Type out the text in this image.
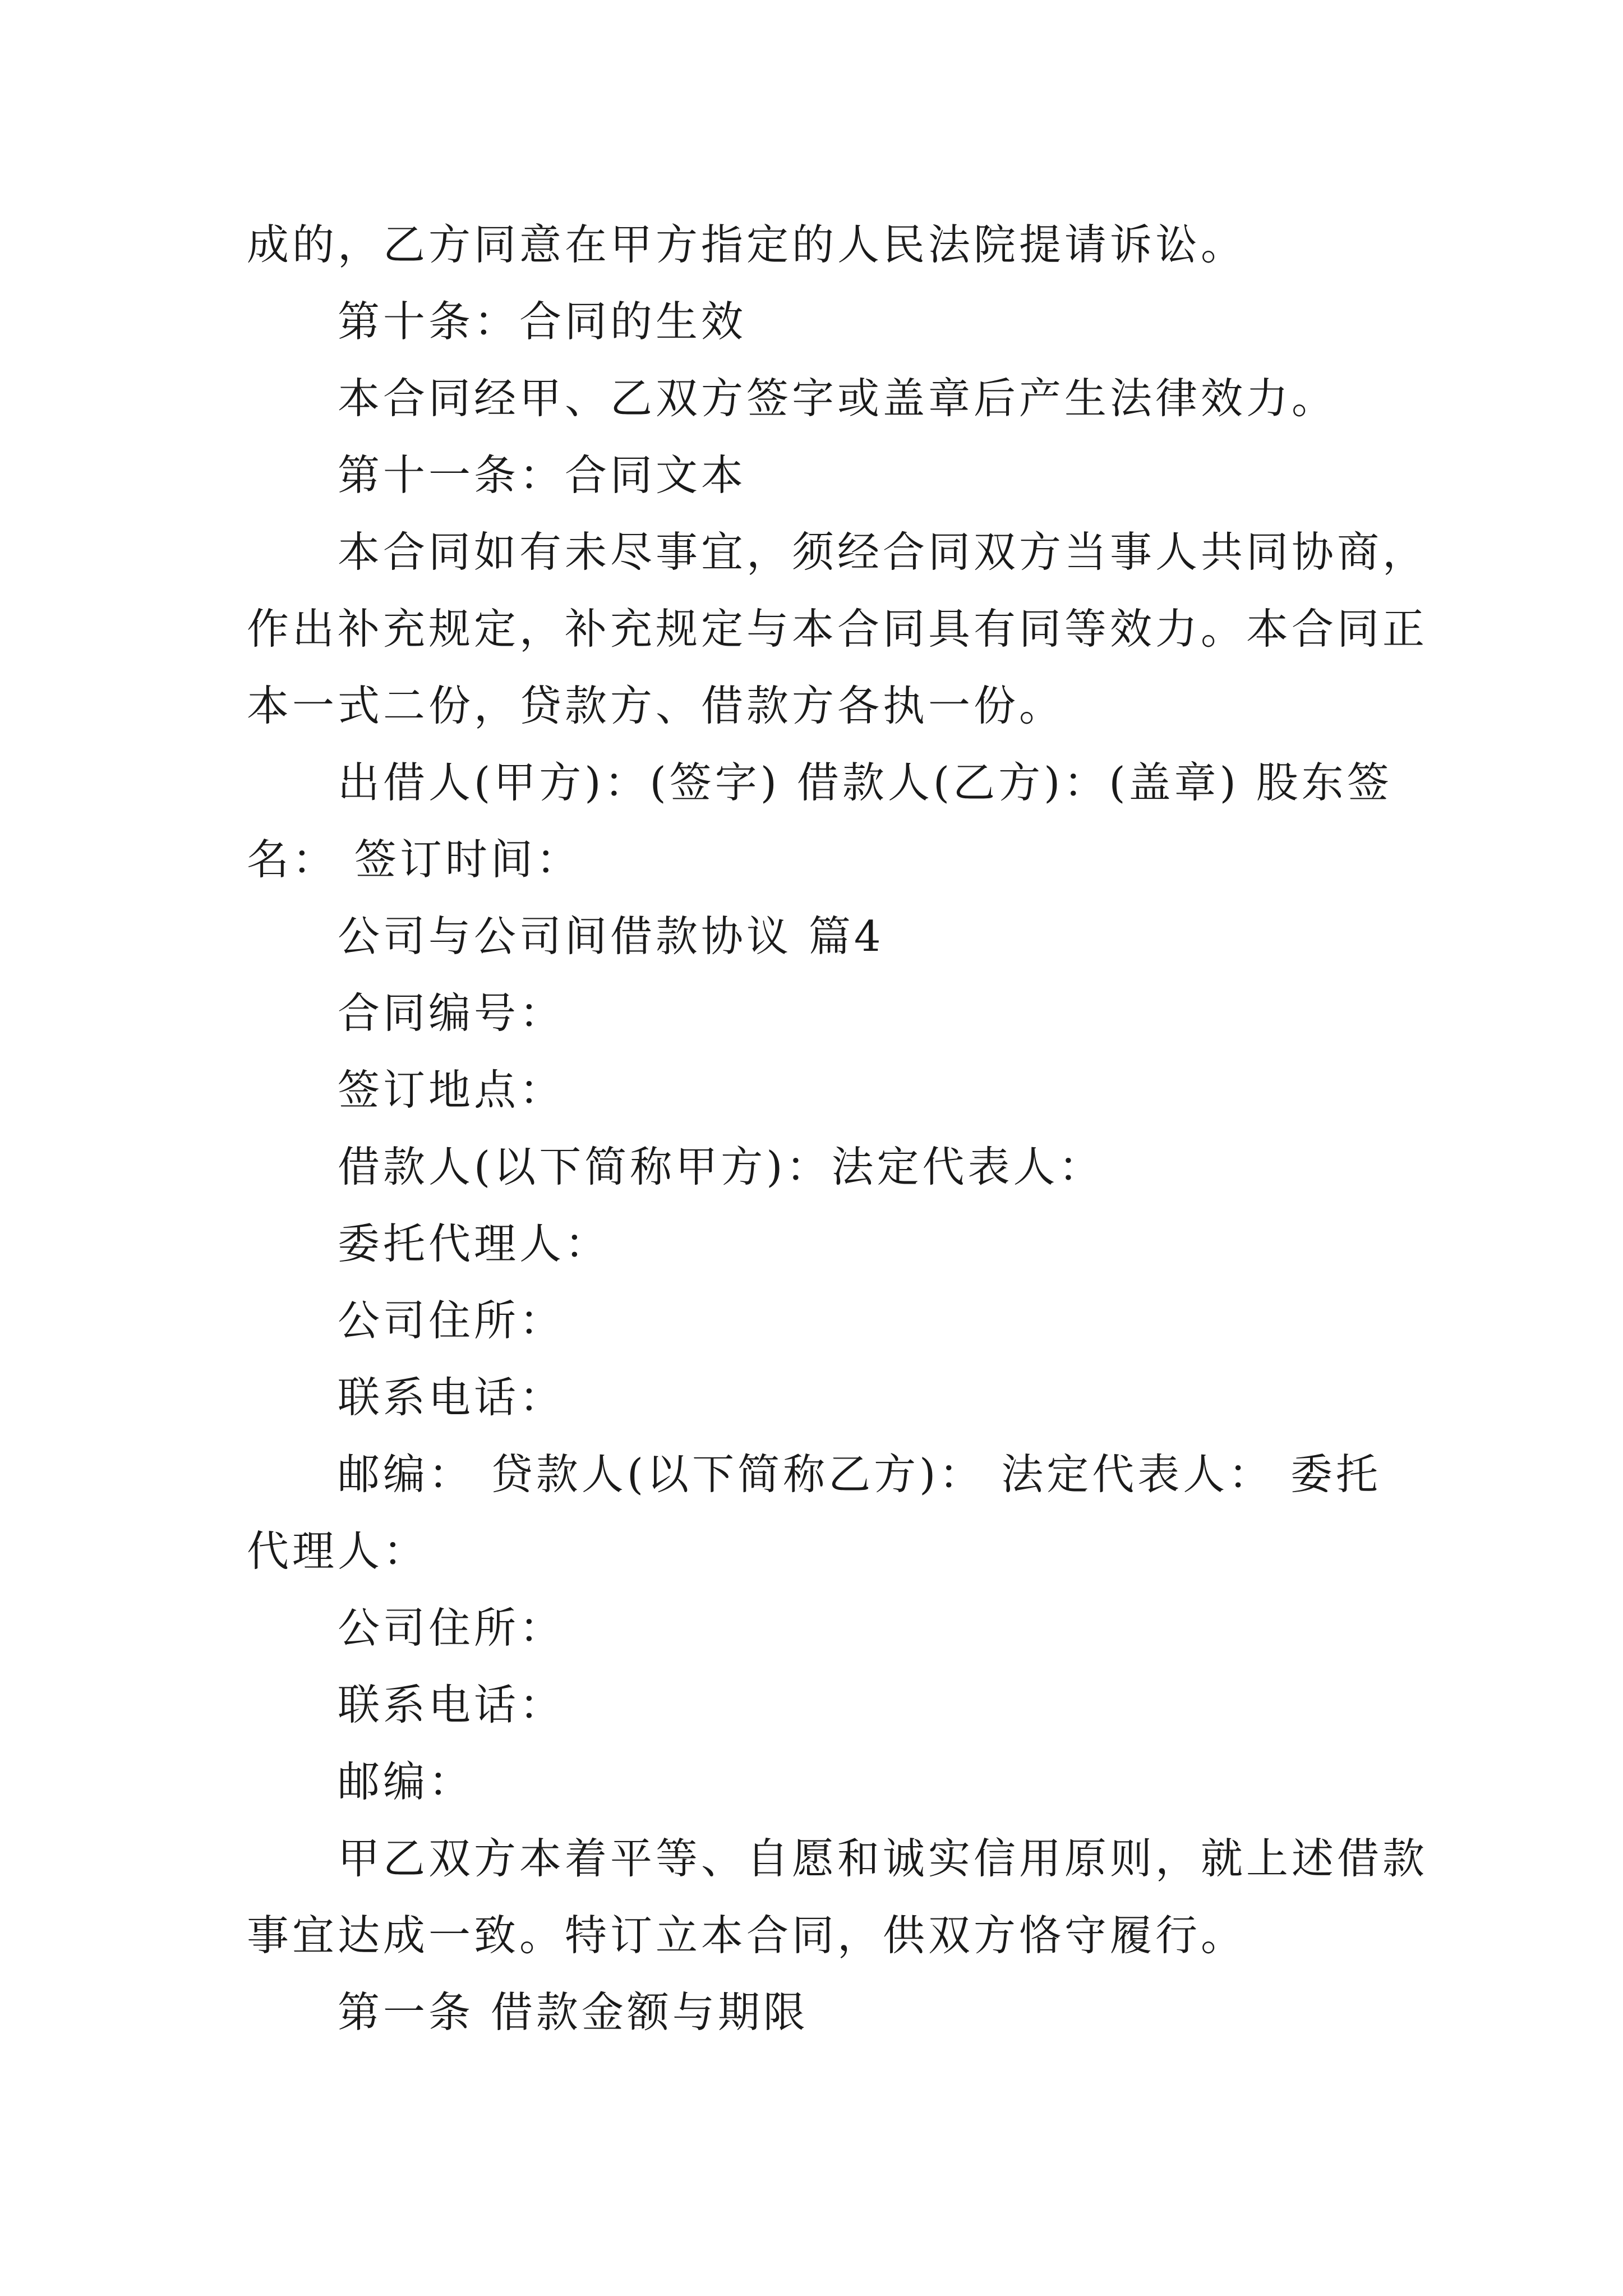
成的，乙方同意在甲方指定的人民法院提请诉讼。
第十条：合同的生效
本合同经甲、乙双方签字或盖章后产生法律效力。
第十一条：合同文本
本合同如有未尽事宜，须经合同双方当事人共同协商，
作出补充规定，补充规定与本合同具有同等效力。本合同正
本一式二份，贷款方、借款方各执一份。
出借人(甲方)：(签字) 借款人(乙方)：(盖章) 股东签
名： 签订时间：
公司与公司间借款协议 篇4
合同编号：
签订地点：
借款人(以下简称甲方)：法定代表人：
委托代理人：
公司住所：
联系电话：
邮编： 贷款人(以下简称乙方)： 法定代表人： 委托
代理人：
公司住所：
联系电话：
邮编：
甲乙双方本着平等、自愿和诚实信用原则，就上述借款
事宜达成一致。特订立本合同，供双方恪守履行。
第一条 借款金额与期限
